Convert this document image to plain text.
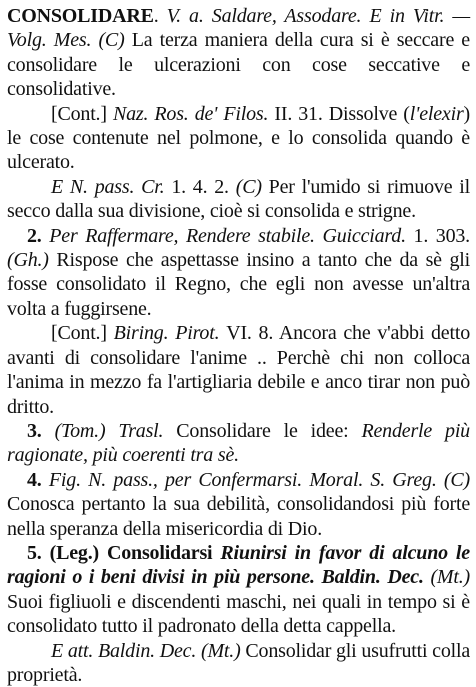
CONSOLIDARE. V. a. Saldare, Assodare. E in Vitr. — Volg. Mes. (C) La terza maniera della cura si è seccare e consolidare le ulcerazioni con cose seccative e consolidative.

[Cont.] Naz. Ros. de' Filos. II. 31. Dissolve (l'elexir) le cose contenute nel polmone, e lo consolida quando è ulcerato.

E N. pass. Cr. 1. 4. 2. (C) Per l'umido si rimuove il secco dalla sua divisione, cioè si consolida e strigne.

2. Per Raffermare, Rendere stabile. Guicciard. 1. 303. (Gh.) Rispose che aspettasse insino a tanto che da sè gli fosse consolidato il Regno, che egli non avesse un'altra volta a fuggirsene.

[Cont.] Biring. Pirot. VI. 8. Ancora che v'abbi detto avanti di consolidare l'anime .. Perchè chi non colloca l'anima in mezzo fa l'artigliaria debile e anco tirar non può dritto.

3. (Tom.) Trasl. Consolidare le idee: Renderle più ragionate, più coerenti tra sè.

4. Fig. N. pass., per Confermarsi. Moral. S. Greg. (C) Conosca pertanto la sua debilità, consolidandosi più forte nella speranza della misericordia di Dio.

5. (Leg.) Consolidarsi Riunirsi in favor di alcuno le ragioni o i beni divisi in più persone. Baldin. Dec. (Mt.) Suoi figliuoli e discendenti maschi, nei quali in tempo si è consolidato tutto il padronato della detta cappella.

E att. Baldin. Dec. (Mt.) Consolidar gli usufrutti colla proprietà.
